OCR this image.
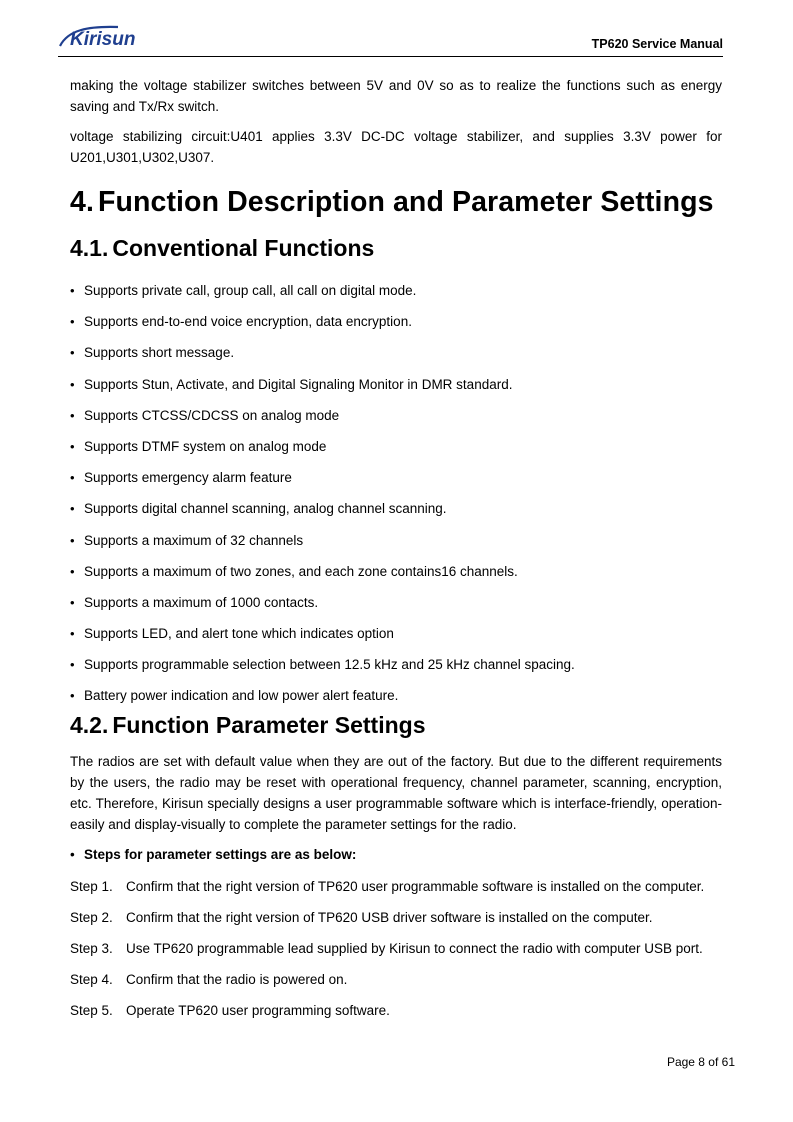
Kirisun	TP620 Service Manual

making the voltage stabilizer switches between 5V and 0V so as to realize the functions such as energy saving and Tx/Rx switch.

voltage stabilizing circuit:U401 applies 3.3V DC-DC voltage stabilizer, and supplies 3.3V power for U201,U301,U302,U307.

4. Function Description and Parameter Settings
4.1. Conventional Functions
• Supports private call, group call, all call on digital mode.
• Supports end-to-end voice encryption, data encryption.
• Supports short message.
• Supports Stun, Activate, and Digital Signaling Monitor in DMR standard.
• Supports CTCSS/CDCSS on analog mode
• Supports DTMF system on analog mode
• Supports emergency alarm feature
• Supports digital channel scanning, analog channel scanning.
• Supports a maximum of 32 channels
• Supports a maximum of two zones, and each zone contains16 channels.
• Supports a maximum of 1000 contacts.
• Supports LED, and alert tone which indicates option
• Supports programmable selection between 12.5 kHz and 25 kHz channel spacing.
• Battery power indication and low power alert feature.
4.2. Function Parameter Settings

The radios are set with default value when they are out of the factory. But due to the different requirements by the users, the radio may be reset with operational frequency, channel parameter, scanning, encryption, etc. Therefore, Kirisun specially designs a user programmable software which is interface-friendly, operation-easily and display-visually to complete the parameter settings for the radio.

• Steps for parameter settings are as below:
Step 1. Confirm that the right version of TP620 user programmable software is installed on the computer.
Step 2. Confirm that the right version of TP620 USB driver software is installed on the computer.
Step 3. Use TP620 programmable lead supplied by Kirisun to connect the radio with computer USB port.
Step 4. Confirm that the radio is powered on.
Step 5. Operate TP620 user programming software.
Page 8 of 61
